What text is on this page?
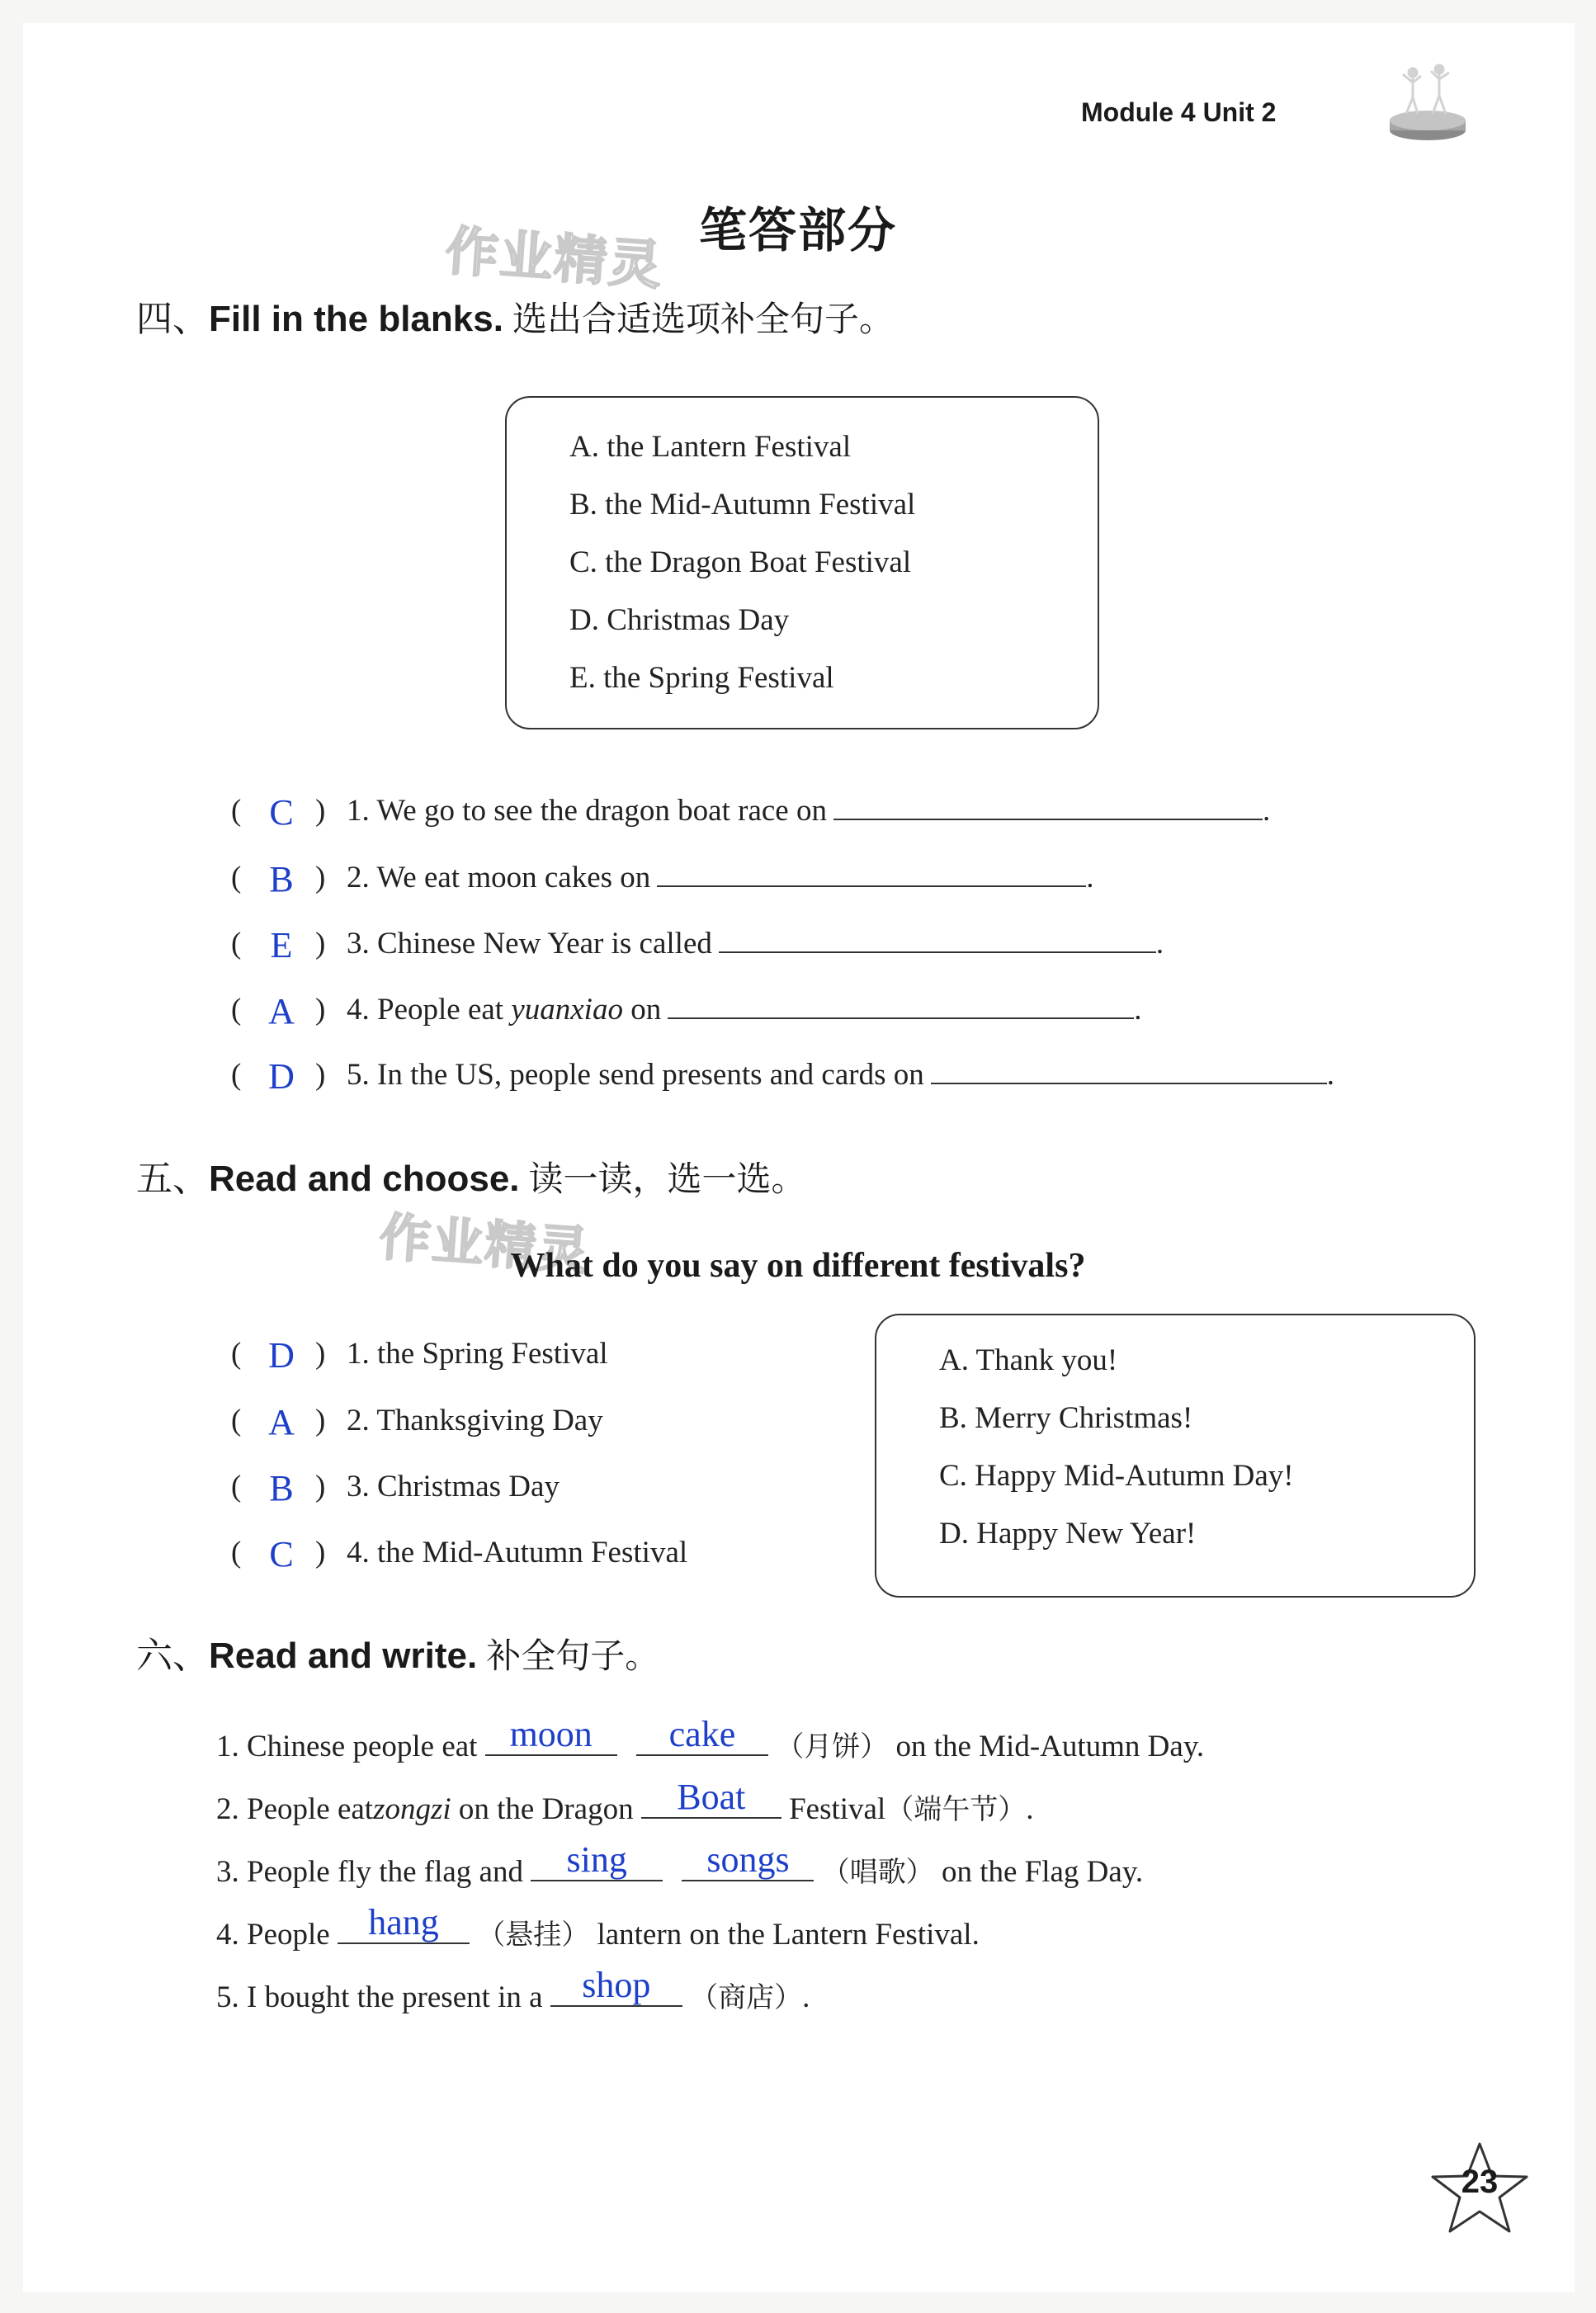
Module 4 Unit 2
笔答部分
作业精灵
作业精灵
四、Fill in the blanks. 选出合适选项补全句子。
A. the Lantern Festival
B. the Mid-Autumn Festival
C. the Dragon Boat Festival
D. Christmas Day
E. the Spring Festival
( C ) 1. We go to see the dragon boat race on	.
( B ) 2. We eat moon cakes on	.
( E ) 3. Chinese New Year is called	.
( A ) 4. People eat yuanxiao on	.
( D ) 5. In the US, people send presents and cards on	.
五、Read and choose. 读一读，选一选。
What do you say on different festivals?
( D ) 1. the Spring Festival
( A ) 2. Thanksgiving Day
( B ) 3. Christmas Day
( C ) 4. the Mid-Autumn Festival
A. Thank you!
B. Merry Christmas!
C. Happy Mid-Autumn Day!
D. Happy New Year!
六、Read and write. 补全句子。
1. Chinese people eat moon
	cake	（月饼） on the Mid-Autumn Day.
2. People eatzongzi on the Dragon	Boat	Festival（端午节）.
3. People fly the flag and	sing
	songs	（唱歌） on the Flag Day.
4. People	hang	（悬挂） lantern on the Lantern Festival.
5. I bought the present in a	shop	（商店）.
23
